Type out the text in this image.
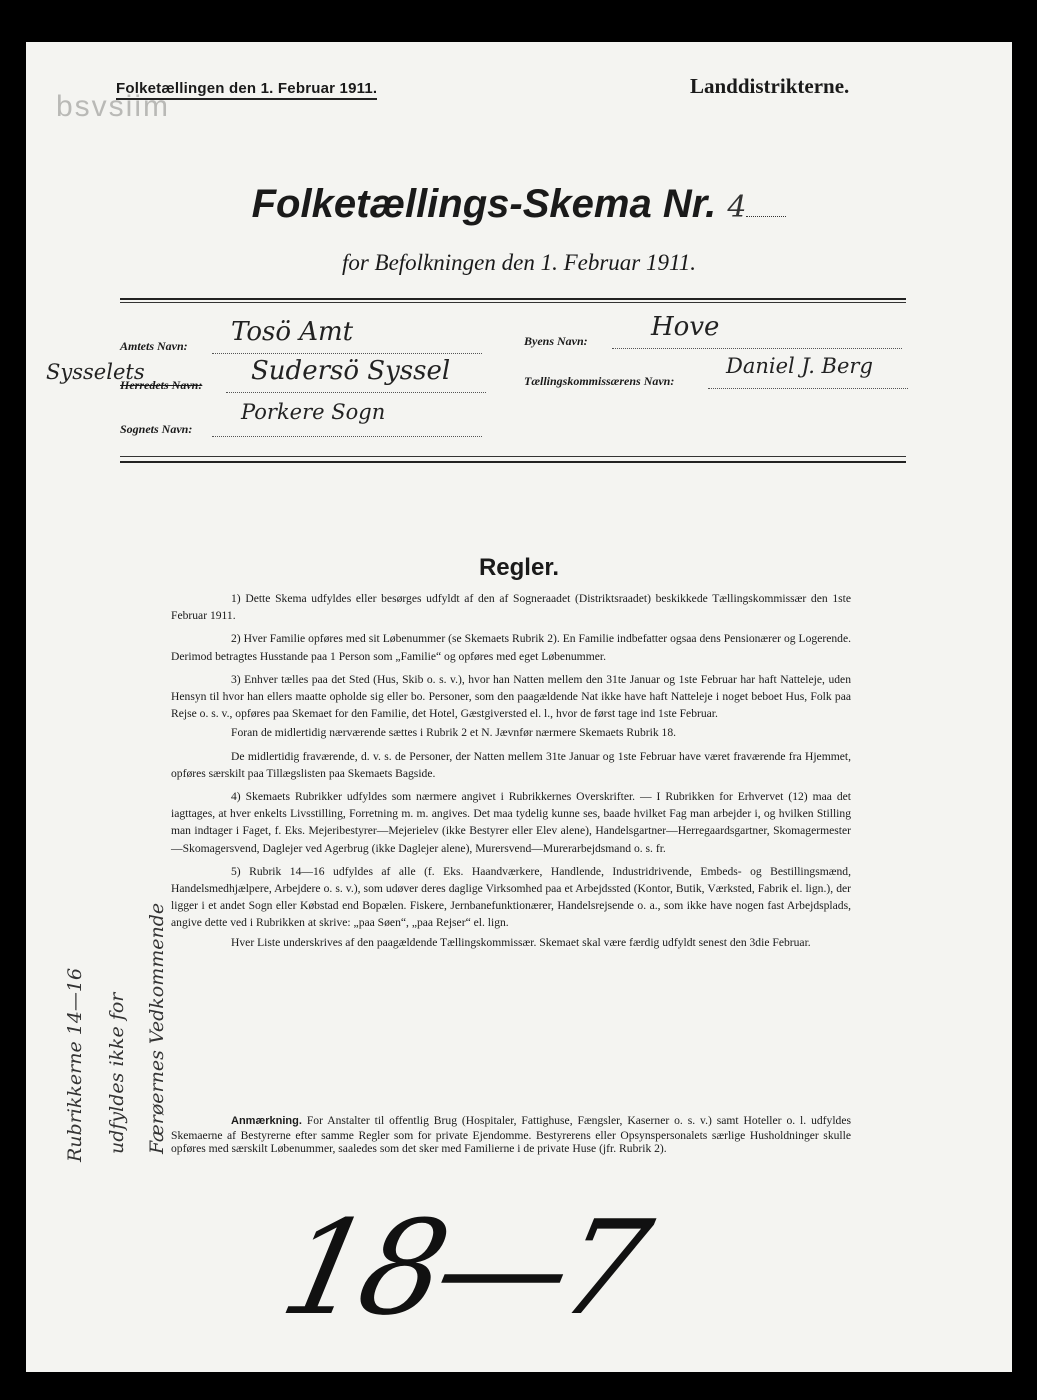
bsvsiim
Folketællingen den 1. Februar 1911.	Landdistrikterne.
Folketællings-Skema Nr. 4
for Befolkningen den 1. Februar 1911.
Amtets Navn: Tosö Amt	Byens Navn: Hove
Sysselets
Herredets Navn: Sudersö Syssel	Tællingskommissærens Navn:
Daniel J. Berg
Sognets Navn:
Porkere Sogn
Regler.

1) Dette Skema udfyldes eller besørges udfyldt af den af Sogneraadet (Distriktsraadet) beskikkede Tællingskommissær den 1ste Februar 1911.

2) Hver Familie opføres med sit Løbenummer (se Skemaets Rubrik 2). En Familie indbefatter ogsaa dens Pensionærer og Logerende. Derimod betragtes Husstande paa 1 Person som „Familie“ og opføres med eget Løbenummer.

3) Enhver tælles paa det Sted (Hus, Skib o. s. v.), hvor han Natten mellem den 31te Januar og 1ste Februar har haft Natteleje, uden Hensyn til hvor han ellers maatte opholde sig eller bo. Personer, som den paagældende Nat ikke have haft Natteleje i noget beboet Hus, Folk paa Rejse o. s. v., opføres paa Skemaet for den Familie, det Hotel, Gæstgiversted el. l., hvor de først tage ind 1ste Februar.

Foran de midlertidig nærværende sættes i Rubrik 2 et N. Jævnfør nærmere Skemaets Rubrik 18.

De midlertidig fraværende, d. v. s. de Personer, der Natten mellem 31te Januar og 1ste Februar have været fraværende fra Hjemmet, opføres særskilt paa Tillægslisten paa Skemaets Bagside.

4) Skemaets Rubrikker udfyldes som nærmere angivet i Rubrikkernes Overskrifter. — I Rubrikken for Erhvervet (12) maa det iagttages, at hver enkelts Livsstilling, Forretning m. m. angives. Det maa tydelig kunne ses, baade hvilket Fag man arbejder i, og hvilken Stilling man indtager i Faget, f. Eks. Mejeribestyrer—Mejerielev (ikke Bestyrer eller Elev alene), Handelsgartner—Herregaardsgartner, Skomagermester—Skomagersvend, Daglejer ved Agerbrug (ikke Daglejer alene), Murersvend—Murerarbejdsmand o. s. fr.

5) Rubrik 14—16 udfyldes af alle (f. Eks. Haandværkere, Handlende, Industridrivende, Embeds- og Bestillingsmænd, Handelsmedhjælpere, Arbejdere o. s. v.), som udøver deres daglige Virksomhed paa et Arbejdssted (Kontor, Butik, Værksted, Fabrik el. lign.), der ligger i et andet Sogn eller Købstad end Bopælen. Fiskere, Jernbanefunktionærer, Handelsrejsende o. a., som ikke have nogen fast Arbejdsplads, angive dette ved i Rubrikken at skrive: „paa Søen“, „paa Rejser“ el. lign.

Hver Liste underskrives af den paagældende Tællingskommissær. Skemaet skal være færdig udfyldt senest den 3die Februar.

Anmærkning. For Anstalter til offentlig Brug (Hospitaler, Fattighuse, Fængsler, Kaserner o. s. v.) samt Hoteller o. l. udfyldes Skemaerne af Bestyrerne efter samme Regler som for private Ejendomme. Bestyrerens eller Opsynspersonalets særlige Husholdninger skulle opføres med særskilt Løbenummer, saaledes som det sker med Familierne i de private Huse (jfr. Rubrik 2).

Rubrikkerne 14—16 udfyldes ikke for Færøernes Vedkommende
18—7
